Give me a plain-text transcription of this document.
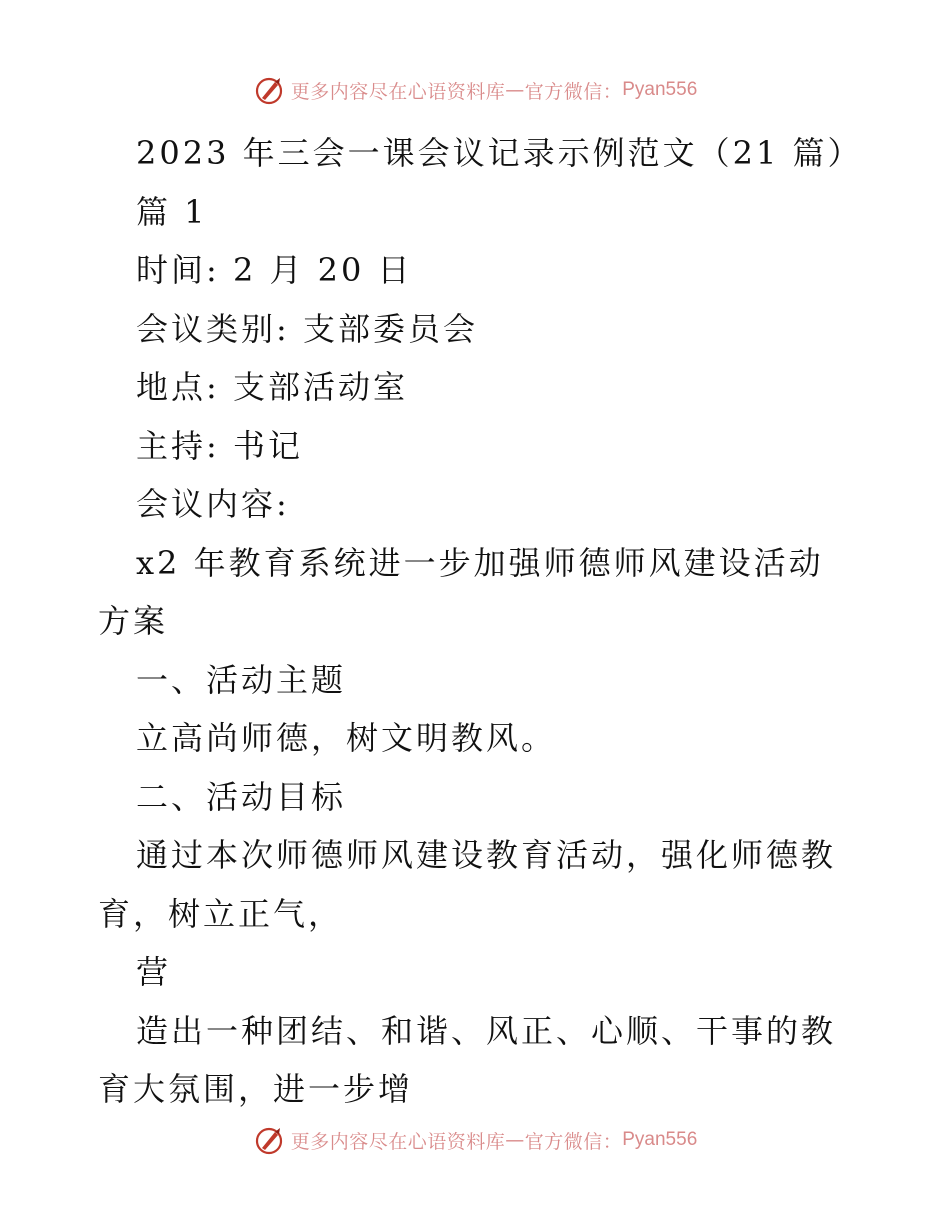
更多内容尽在心语资料库 — 官方微信： Pyan556
2023 年三会一课会议记录示例范文（21 篇）
篇 1
时间: 2 月 20 日
会议类别: 支部委员会
地点: 支部活动室
主持: 书记
会议内容:
x2 年教育系统进一步加强师德师风建设活动方案
一、活动主题
立高尚师德，树文明教风。
二、活动目标
通过本次师德师风建设教育活动，强化师德教育，树立正气，
营
造出一种团结、和谐、风正、心顺、干事的教育大氛围，进一步增
更多内容尽在心语资料库 — 官方微信： Pyan556
